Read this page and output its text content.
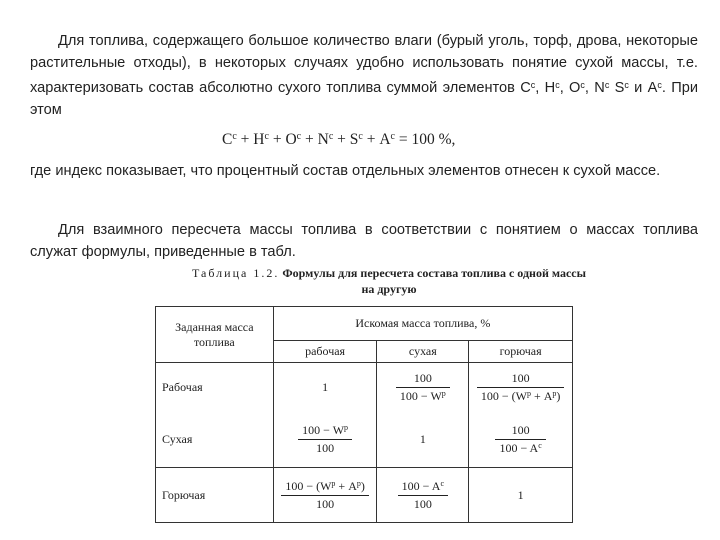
Для топлива, содержащего большое количество влаги (бурый уголь, торф, дрова, некоторые растительные отходы), в некоторых случаях удобно использовать понятие сухой массы, т.е. характеризовать состав абсолютно сухого топлива суммой элементов $C^с$, $H^с$, $O^с$, $N^с$ $S^с$ и $A^с$. При этом
$C^с + H^с + O^с + N^с + S^с + A^с = 100$ %,
где индекс показывает, что процентный состав отдельных элементов отнесен к сухой массе.
Для взаимного пересчета массы топлива в соответствии с понятием о массах топлива служат формулы, приведенные в табл.
Таблица 1.2. Формулы для пересчета состава топлива с одной массы
на другую
Заданная масса топлива	Искомая масса топлива, %		
	рабочая	сухая	горючая
Рабочая	1	$\frac{100}{100 - W^р}$	$\frac{100}{100 - (W^р + A^р)}$

Сухая	$\frac{100 - W^р}{100}$	1	$\frac{100}{100 - A^с}$

Горючая	$\frac{100 - (W^р + A^р)}{100}$	$\frac{100 - A^с}{100}$	1
